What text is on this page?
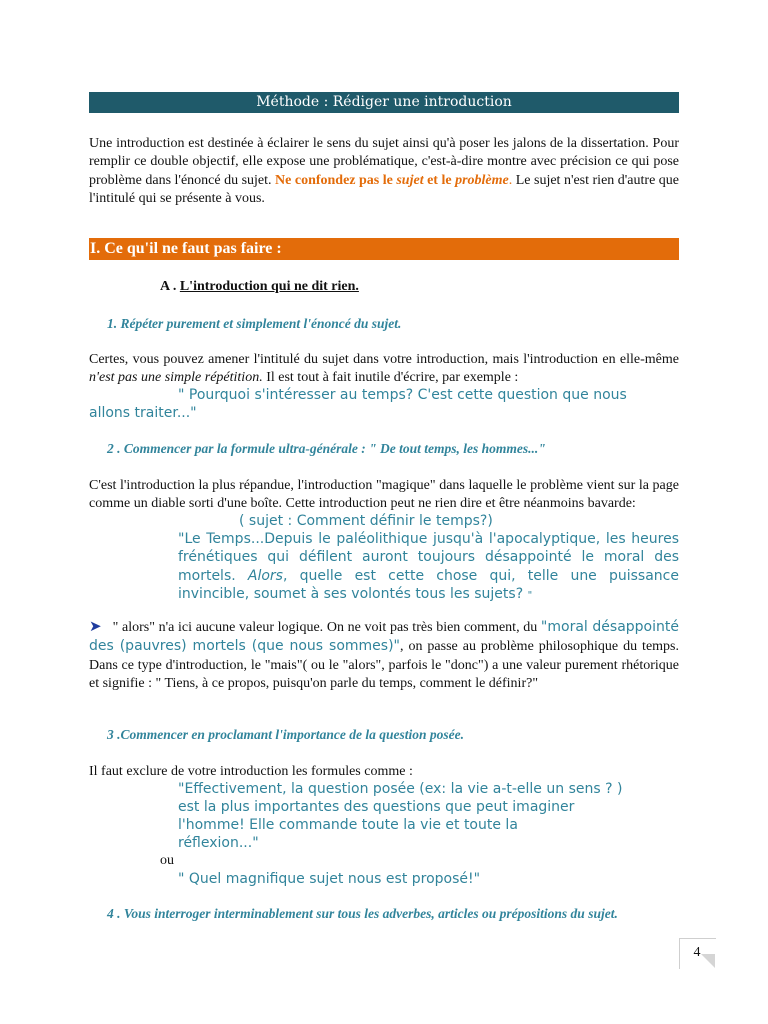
Méthode : Rédiger une introduction
Une introduction est destinée à éclairer le sens du sujet ainsi qu'à poser les jalons de la dissertation. Pour remplir ce double objectif, elle expose une problématique, c'est-à-dire montre avec précision ce qui pose problème dans l'énoncé du sujet. Ne confondez pas le sujet et le problème. Le sujet n'est rien d'autre que l'intitulé qui se présente à vous.
I. Ce qu'il ne faut pas faire :
A . L'introduction qui ne dit rien.
1. Répéter purement et simplement l'énoncé du sujet.
Certes, vous pouvez amener l'intitulé du sujet dans votre introduction, mais l'introduction en elle-même n'est pas une simple répétition. Il est tout à fait inutile d'écrire, par exemple :
" Pourquoi s'intéresser au temps? C'est cette question que nous
allons traiter..."
2 . Commencer par la formule ultra-générale : " De tout temps, les hommes..."
C'est l'introduction la plus répandue, l'introduction "magique" dans laquelle le problème vient sur la page comme un diable sorti d'une boîte. Cette introduction peut ne rien dire et être néanmoins bavarde:
( sujet : Comment définir le temps?)
"Le Temps...Depuis le paléolithique jusqu'à l'apocalyptique, les heures frénétiques qui défilent auront toujours désappointé le moral des mortels. Alors, quelle est cette chose qui, telle une puissance invincible, soumet à ses volontés tous les sujets? "
➤   " alors" n'a ici aucune valeur logique. On ne voit pas très bien comment, du "moral désappointé des (pauvres) mortels (que nous sommes)", on passe au problème philosophique du temps. Dans ce type d'introduction, le "mais"( ou le "alors", parfois le "donc") a une valeur purement rhétorique et signifie : " Tiens, à ce propos, puisqu'on parle du temps, comment le définir?"
3 .Commencer en proclamant l'importance de la question posée.
Il faut exclure de votre introduction les formules comme :
"Effectivement, la question posée (ex: la vie a-t-elle un sens ? )
est la plus importantes des questions que peut imaginer
l'homme! Elle commande toute la vie et toute la
réflexion..."
ou
" Quel magnifique sujet nous est proposé!"
4 . Vous interroger interminablement sur tous les adverbes, articles ou prépositions du sujet.
4
